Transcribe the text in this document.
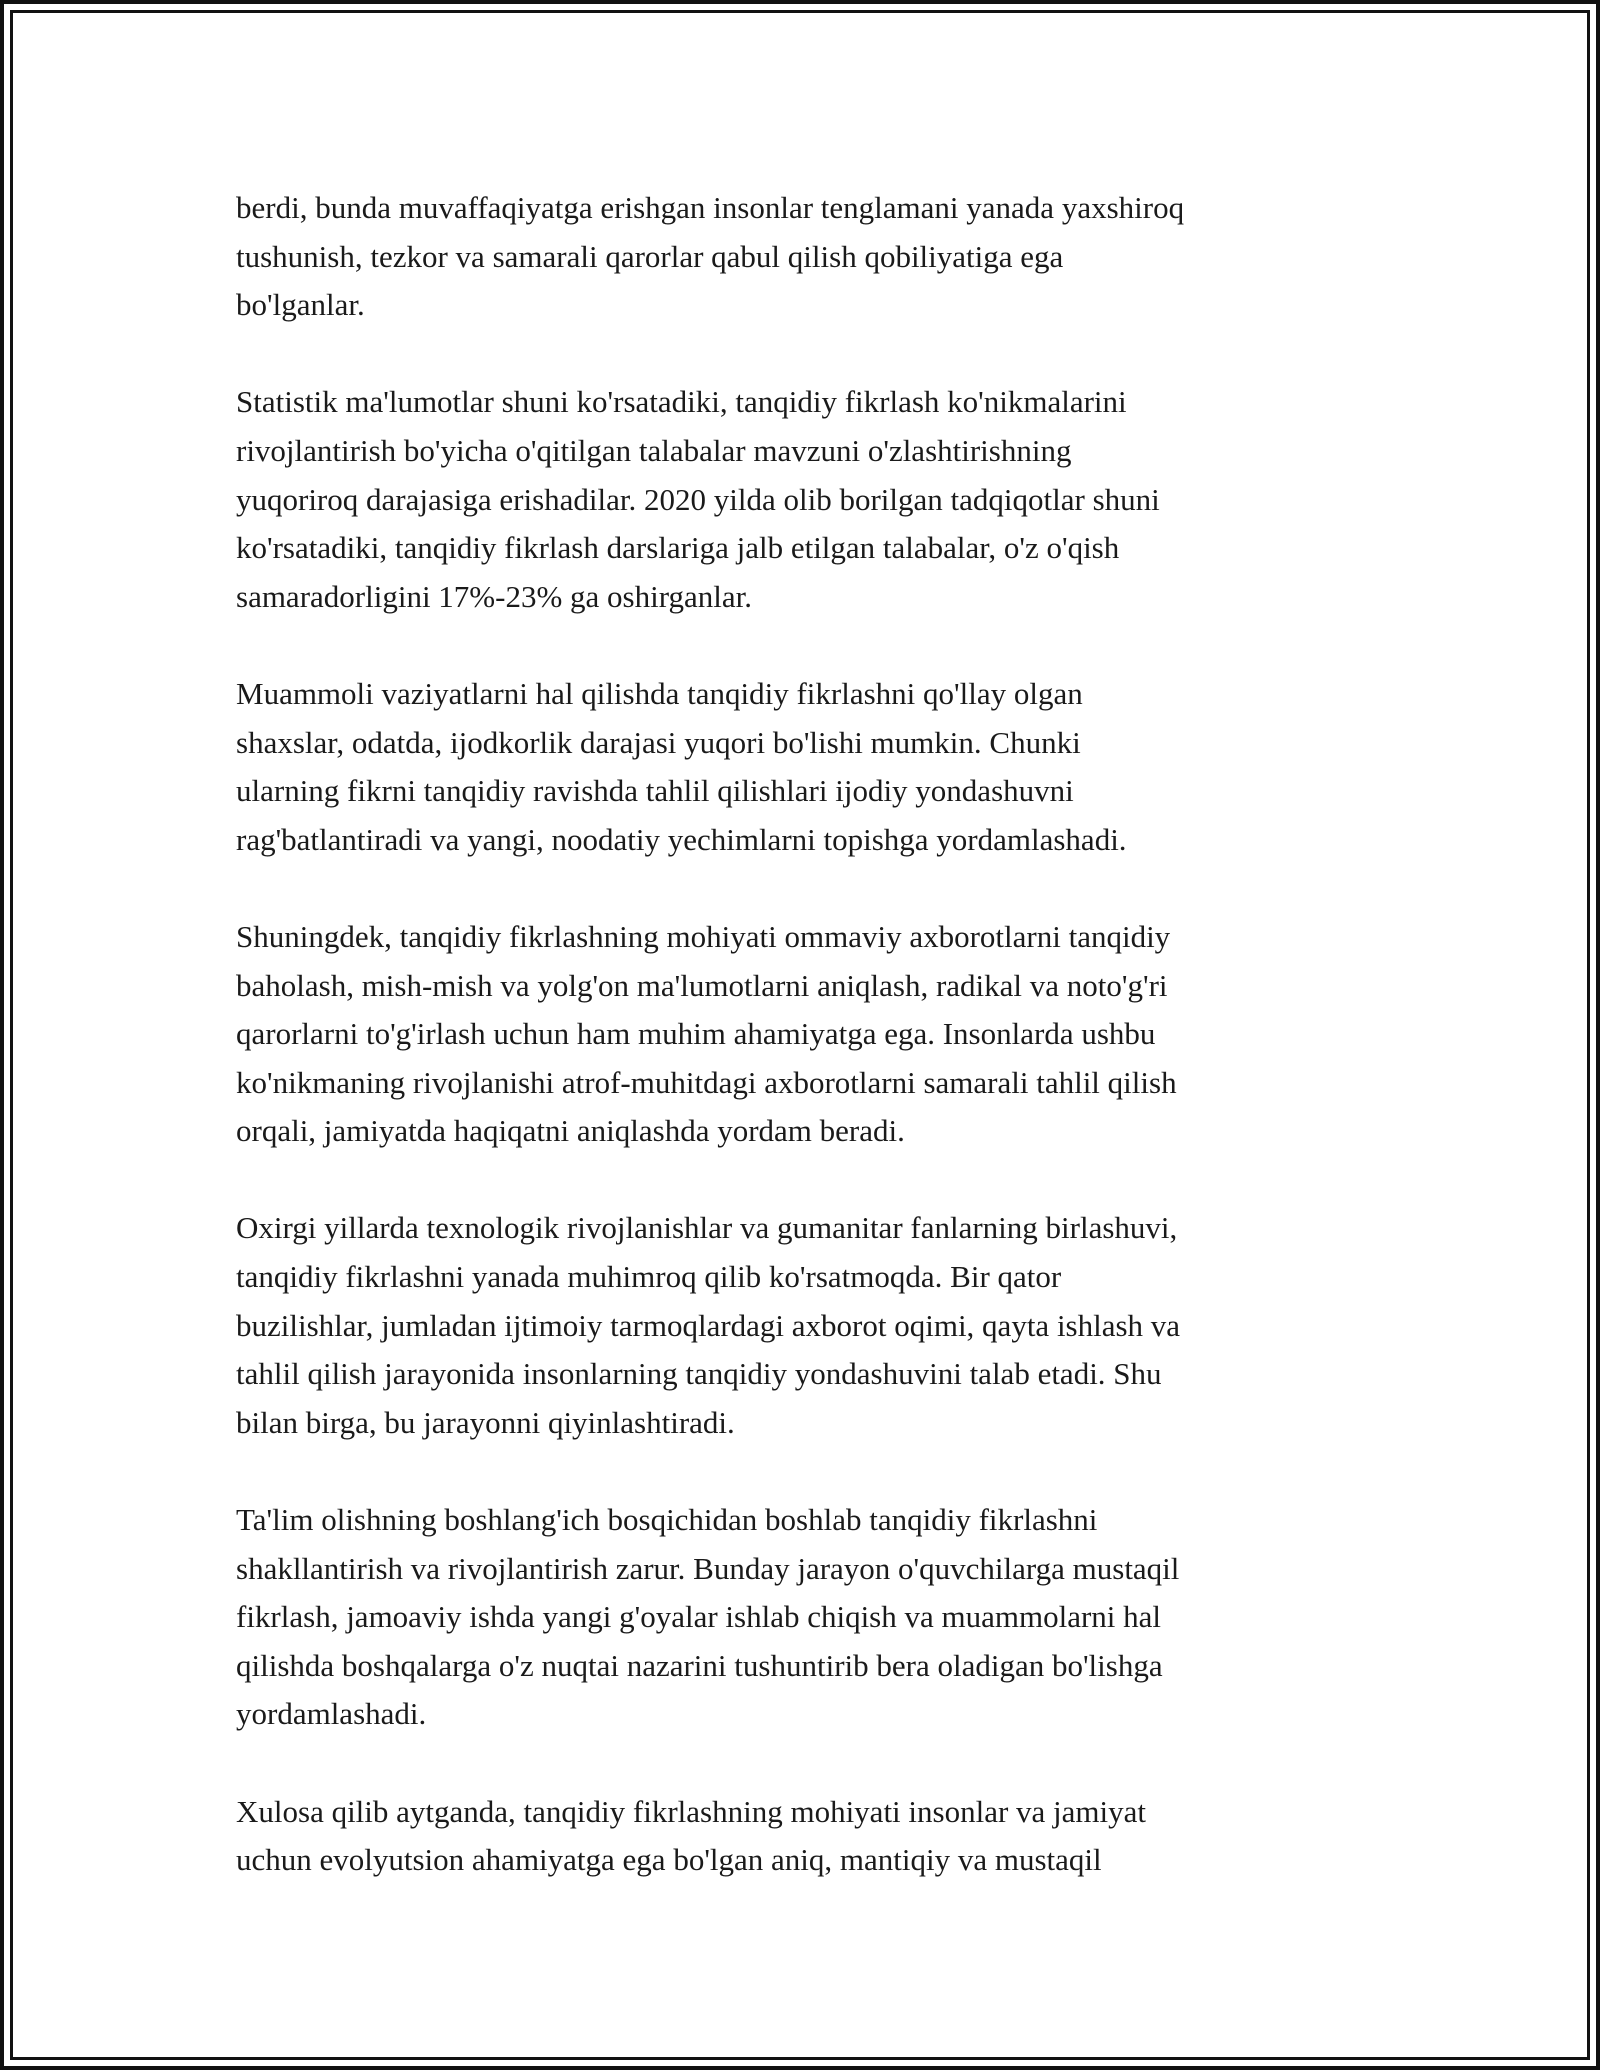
berdi, bunda muvaffaqiyatga erishgan insonlar tenglamani yanada yaxshiroq
tushunish, tezkor va samarali qarorlar qabul qilish qobiliyatiga ega
bo'lganlar.
Statistik ma'lumotlar shuni ko'rsatadiki, tanqidiy fikrlash ko'nikmalarini
rivojlantirish bo'yicha o'qitilgan talabalar mavzuni o'zlashtirishning
yuqoriroq darajasiga erishadilar. 2020 yilda olib borilgan tadqiqotlar shuni
ko'rsatadiki, tanqidiy fikrlash darslariga jalb etilgan talabalar, o'z o'qish
samaradorligini 17%-23% ga oshirganlar.
Muammoli vaziyatlarni hal qilishda tanqidiy fikrlashni qo'llay olgan
shaxslar, odatda, ijodkorlik darajasi yuqori bo'lishi mumkin. Chunki
ularning fikrni tanqidiy ravishda tahlil qilishlari ijodiy yondashuvni
rag'batlantiradi va yangi, noodatiy yechimlarni topishga yordamlashadi.
Shuningdek, tanqidiy fikrlashning mohiyati ommaviy axborotlarni tanqidiy
baholash, mish-mish va yolg'on ma'lumotlarni aniqlash, radikal va noto'g'ri
qarorlarni to'g'irlash uchun ham muhim ahamiyatga ega. Insonlarda ushbu
ko'nikmaning rivojlanishi atrof-muhitdagi axborotlarni samarali tahlil qilish
orqali, jamiyatda haqiqatni aniqlashda yordam beradi.
Oxirgi yillarda texnologik rivojlanishlar va gumanitar fanlarning birlashuvi,
tanqidiy fikrlashni yanada muhimroq qilib ko'rsatmoqda. Bir qator
buzilishlar, jumladan ijtimoiy tarmoqlardagi axborot oqimi, qayta ishlash va
tahlil qilish jarayonida insonlarning tanqidiy yondashuvini talab etadi. Shu
bilan birga, bu jarayonni qiyinlashtiradi.
Ta'lim olishning boshlang'ich bosqichidan boshlab tanqidiy fikrlashni
shakllantirish va rivojlantirish zarur. Bunday jarayon o'quvchilarga mustaqil
fikrlash, jamoaviy ishda yangi g'oyalar ishlab chiqish va muammolarni hal
qilishda boshqalarga o'z nuqtai nazarini tushuntirib bera oladigan bo'lishga
yordamlashadi.
Xulosa qilib aytganda, tanqidiy fikrlashning mohiyati insonlar va jamiyat
uchun evolyutsion ahamiyatga ega bo'lgan aniq, mantiqiy va mustaqil
